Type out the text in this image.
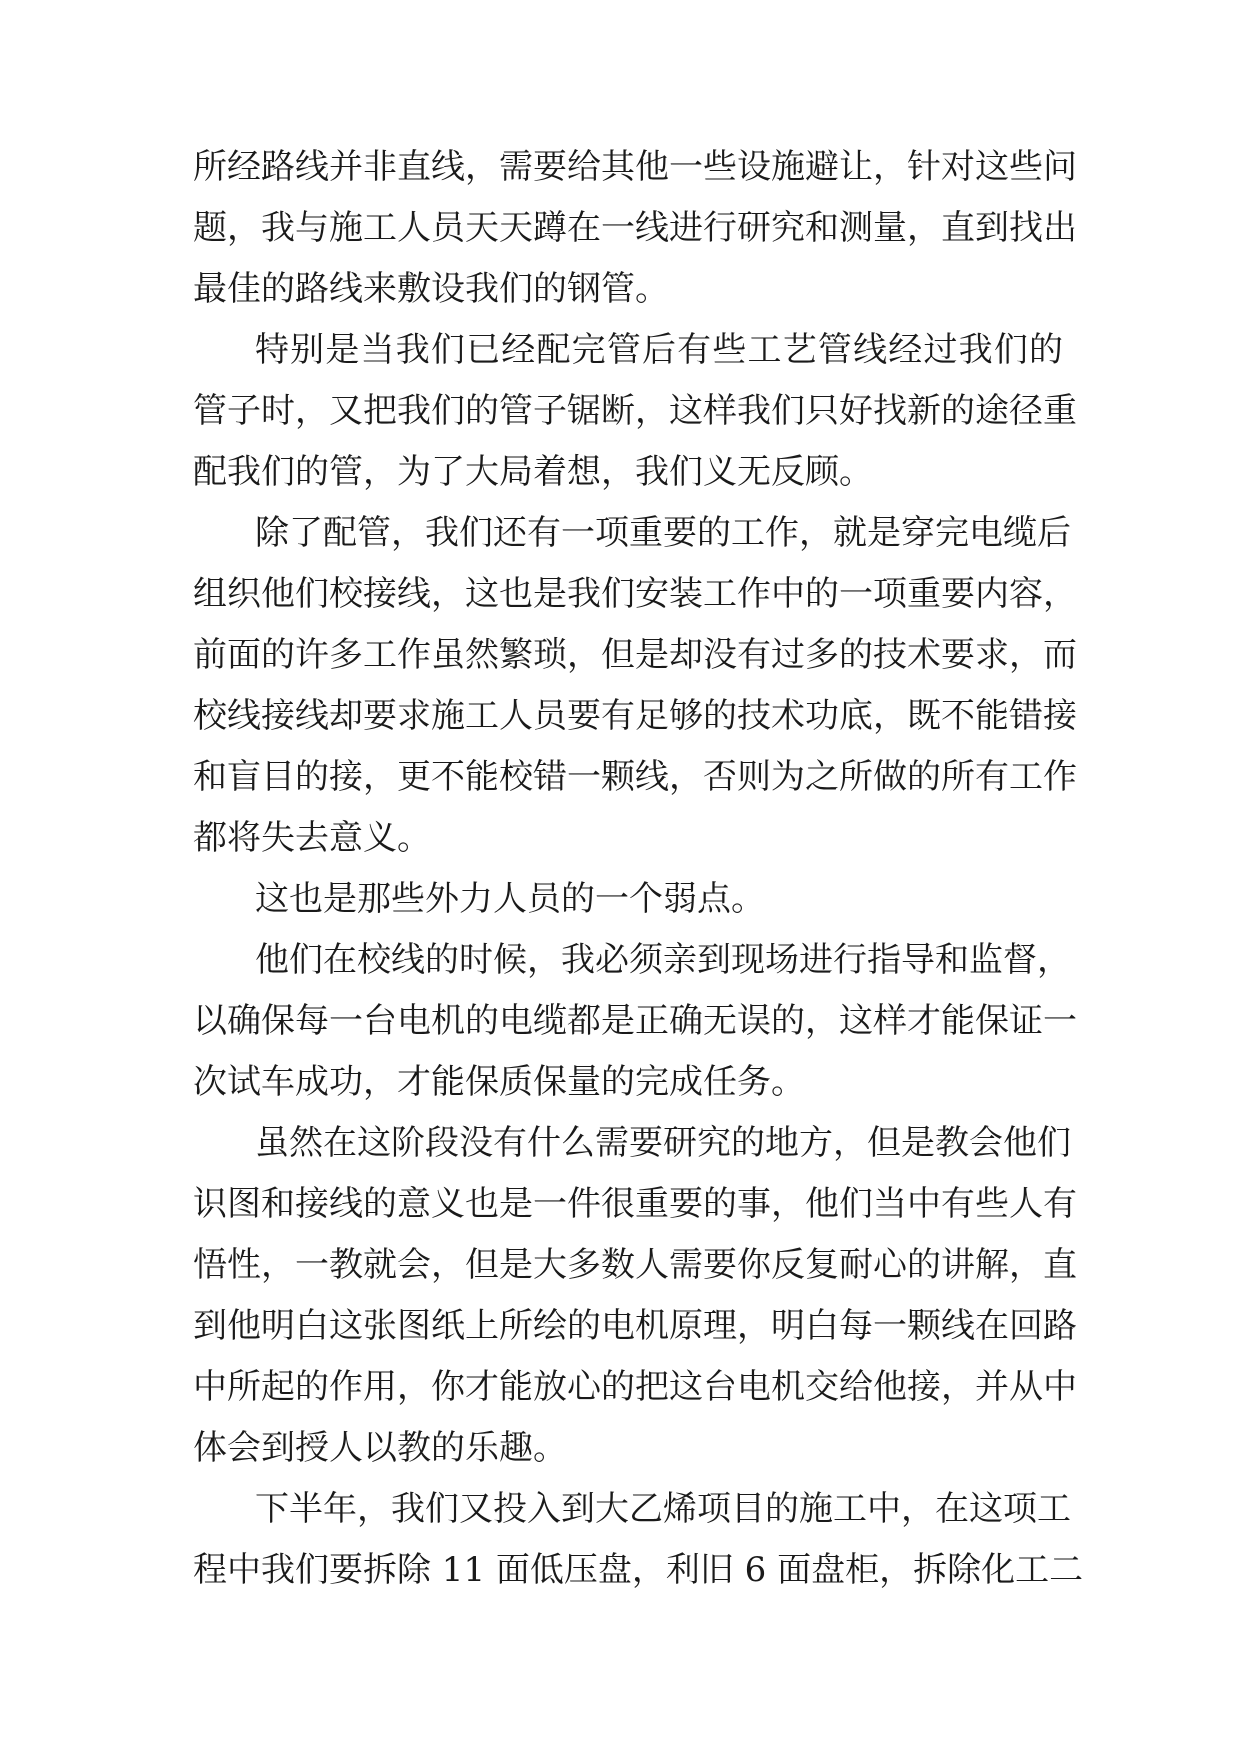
所经路线并非直线，需要给其他一些设施避让，针对这些问
题，我与施工人员天天蹲在一线进行研究和测量，直到找出
最佳的路线来敷设我们的钢管。
特别是当我们已经配完管后有些工艺管线经过我们的
管子时，又把我们的管子锯断，这样我们只好找新的途径重
配我们的管，为了大局着想，我们义无反顾。
除了配管，我们还有一项重要的工作，就是穿完电缆后
组织他们校接线，这也是我们安装工作中的一项重要内容，
前面的许多工作虽然繁琐，但是却没有过多的技术要求，而
校线接线却要求施工人员要有足够的技术功底，既不能错接
和盲目的接，更不能校错一颗线，否则为之所做的所有工作
都将失去意义。
这也是那些外力人员的一个弱点。
他们在校线的时候，我必须亲到现场进行指导和监督，
以确保每一台电机的电缆都是正确无误的，这样才能保证一
次试车成功，才能保质保量的完成任务。
虽然在这阶段没有什么需要研究的地方，但是教会他们
识图和接线的意义也是一件很重要的事，他们当中有些人有
悟性，一教就会，但是大多数人需要你反复耐心的讲解，直
到他明白这张图纸上所绘的电机原理，明白每一颗线在回路
中所起的作用，你才能放心的把这台电机交给他接，并从中
体会到授人以教的乐趣。
下半年，我们又投入到大乙烯项目的施工中，在这项工
程中我们要拆除 11 面低压盘，利旧 6 面盘柜，拆除化工二
